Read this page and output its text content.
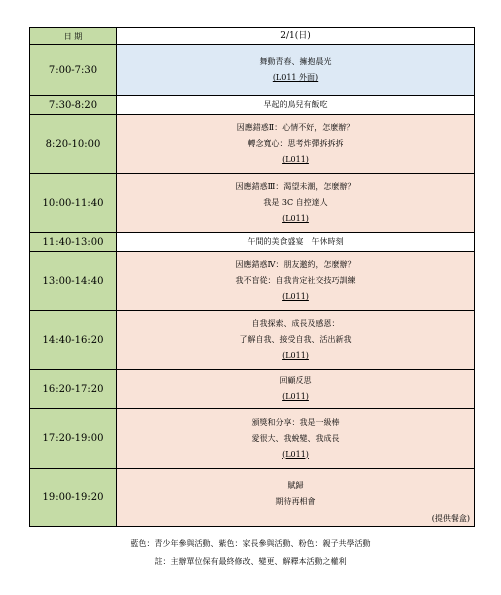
日 期	2/1(日)
7:00-7:30	舞動青春、擁抱晨光
(L011 外面)

7:30-8:20	早起的鳥兒有飯吃

8:20-10:00	因應錯惑Ⅱ：心情不好，怎麼辦？
轉念寬心：思考炸彈拆拆拆
(L011)

10:00-11:40	因應錯惑Ⅲ：渴望未潮，怎麼辦？
我是 3C 自控達人
(L011)

11:40-13:00	午間的美食盛宴　午休時刻

13:00-14:40	因應錯惑Ⅳ：朋友邀約，怎麼辦？
我不盲從：自我肯定社交技巧訓練
(L011)

14:40-16:20	自我探索、成長及感恩：
了解自我、接受自我、活出新我
(L011)

16:20-17:20	回顧反思
(L011)

17:20-19:00	頒獎和分享：我是一級棒
愛很大、我蛻變、我成長
(L011)

19:00-19:20	賦歸
期待再相會
(提供餐盒)
藍色：青少年參與活動、紫色：家長參與活動、粉色：親子共學活動
註：主辦單位保有最終修改、變更、解釋本活動之權利
